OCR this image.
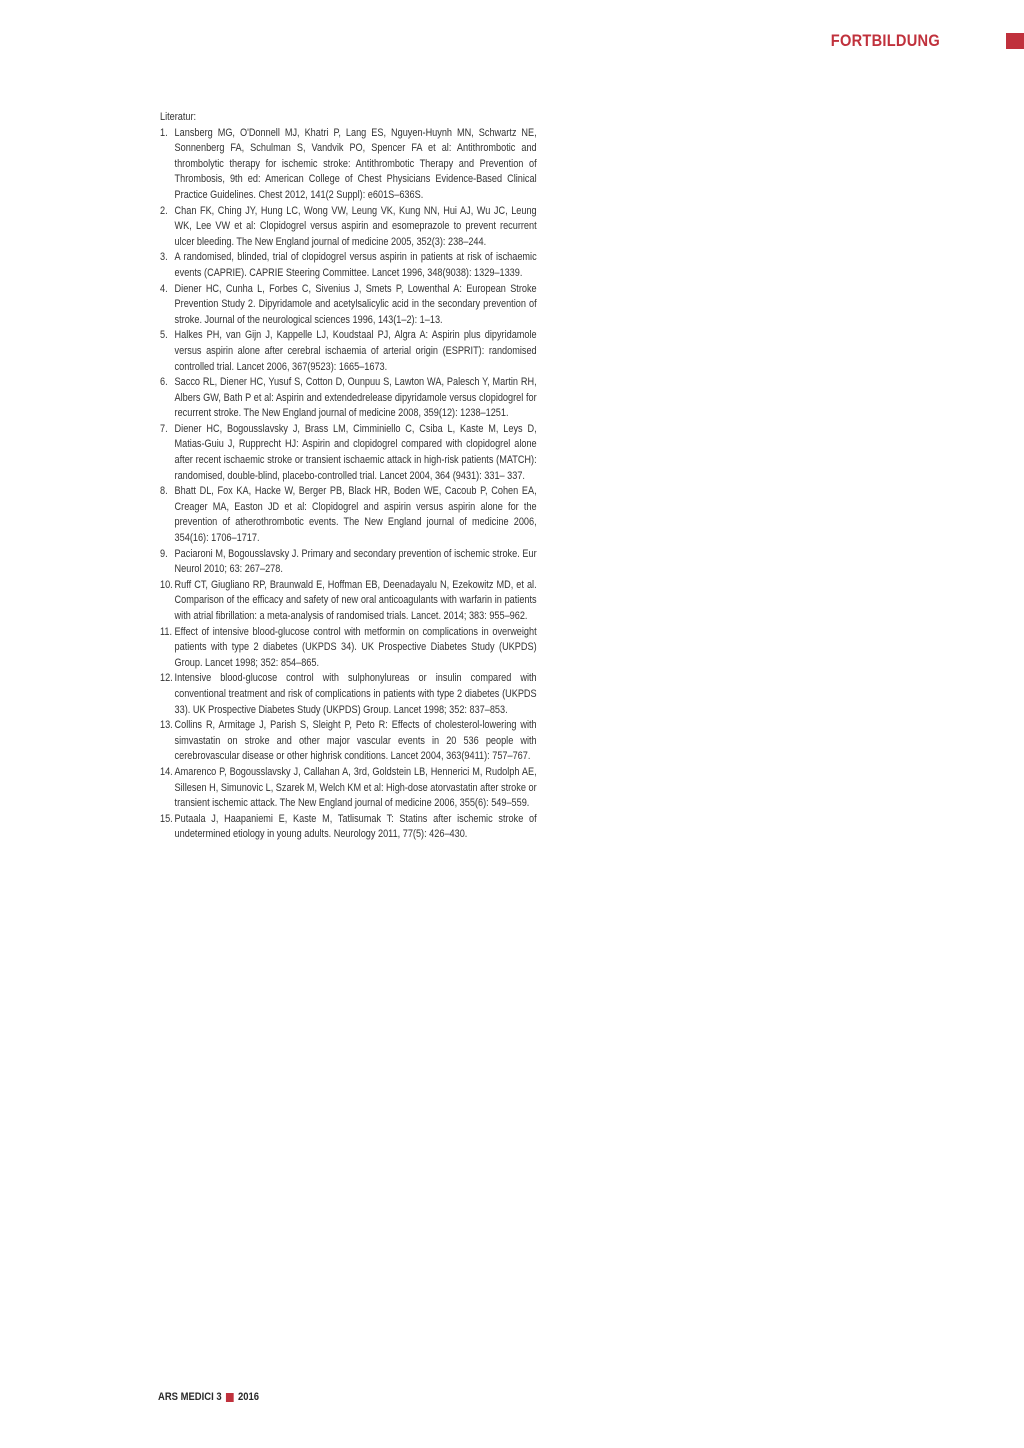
FORTBILDUNG

Literatur:

1. Lansberg MG, O'Donnell MJ, Khatri P, Lang ES, Nguyen-Huynh MN, Schwartz NE, Sonnenberg FA, Schulman S, Vandvik PO, Spencer FA et al: Antithrombotic and thrombolytic therapy for ischemic stroke: Antithrombotic Therapy and Prevention of Thrombosis, 9th ed: American College of Chest Physicians Evidence-Based Clinical Practice Guidelines. Chest 2012, 141(2 Suppl): e601S–636S.
2. Chan FK, Ching JY, Hung LC, Wong VW, Leung VK, Kung NN, Hui AJ, Wu JC, Leung WK, Lee VW et al: Clopidogrel versus aspirin and esomeprazole to prevent recurrent ulcer bleeding. The New England journal of medicine 2005, 352(3): 238–244.
3. A randomised, blinded, trial of clopidogrel versus aspirin in patients at risk of ischaemic events (CAPRIE). CAPRIE Steering Committee. Lancet 1996, 348(9038): 1329–1339.
4. Diener HC, Cunha L, Forbes C, Sivenius J, Smets P, Lowenthal A: European Stroke Prevention Study 2. Dipyridamole and acetylsalicylic acid in the secondary prevention of stroke. Journal of the neurological sciences 1996, 143(1–2): 1–13.
5. Halkes PH, van Gijn J, Kappelle LJ, Koudstaal PJ, Algra A: Aspirin plus dipyridamole versus aspirin alone after cerebral ischaemia of arterial origin (ESPRIT): randomised controlled trial. Lancet 2006, 367(9523): 1665–1673.
6. Sacco RL, Diener HC, Yusuf S, Cotton D, Ounpuu S, Lawton WA, Palesch Y, Martin RH, Albers GW, Bath P et al: Aspirin and extendedrelease dipyridamole versus clopidogrel for recurrent stroke. The New England journal of medicine 2008, 359(12): 1238–1251.
7. Diener HC, Bogousslavsky J, Brass LM, Cimminiello C, Csiba L, Kaste M, Leys D, Matias-Guiu J, Rupprecht HJ: Aspirin and clopidogrel compared with clopidogrel alone after recent ischaemic stroke or transient ischaemic attack in high-risk patients (MATCH): randomised, double-blind, placebo-controlled trial. Lancet 2004, 364 (9431): 331– 337.
8. Bhatt DL, Fox KA, Hacke W, Berger PB, Black HR, Boden WE, Cacoub P, Cohen EA, Creager MA, Easton JD et al: Clopidogrel and aspirin versus aspirin alone for the prevention of atherothrombotic events. The New England journal of medicine 2006, 354(16): 1706–1717.
9. Paciaroni M, Bogousslavsky J. Primary and secondary prevention of ischemic stroke. Eur Neurol 2010; 63: 267–278.
10. Ruff CT, Giugliano RP, Braunwald E, Hoffman EB, Deenadayalu N, Ezekowitz MD, et al. Comparison of the efficacy and safety of new oral anticoagulants with warfarin in patients with atrial fibrillation: a meta-analysis of randomised trials. Lancet. 2014; 383: 955–962.
11. Effect of intensive blood-glucose control with metformin on complications in overweight patients with type 2 diabetes (UKPDS 34). UK Prospective Diabetes Study (UKPDS) Group. Lancet 1998; 352: 854–865.
12. Intensive blood-glucose control with sulphonylureas or insulin compared with conventional treatment and risk of complications in patients with type 2 diabetes (UKPDS 33). UK Prospective Diabetes Study (UKPDS) Group. Lancet 1998; 352: 837–853.
13. Collins R, Armitage J, Parish S, Sleight P, Peto R: Effects of cholesterol-lowering with simvastatin on stroke and other major vascular events in 20 536 people with cerebrovascular disease or other highrisk conditions. Lancet 2004, 363(9411): 757–767.
14. Amarenco P, Bogousslavsky J, Callahan A, 3rd, Goldstein LB, Hennerici M, Rudolph AE, Sillesen H, Simunovic L, Szarek M, Welch KM et al: High-dose atorvastatin after stroke or transient ischemic attack. The New England journal of medicine 2006, 355(6): 549–559.
15. Putaala J, Haapaniemi E, Kaste M, Tatlisumak T: Statins after ischemic stroke of undetermined etiology in young adults. Neurology 2011, 77(5): 426–430.
ARS MEDICI 3 2016
